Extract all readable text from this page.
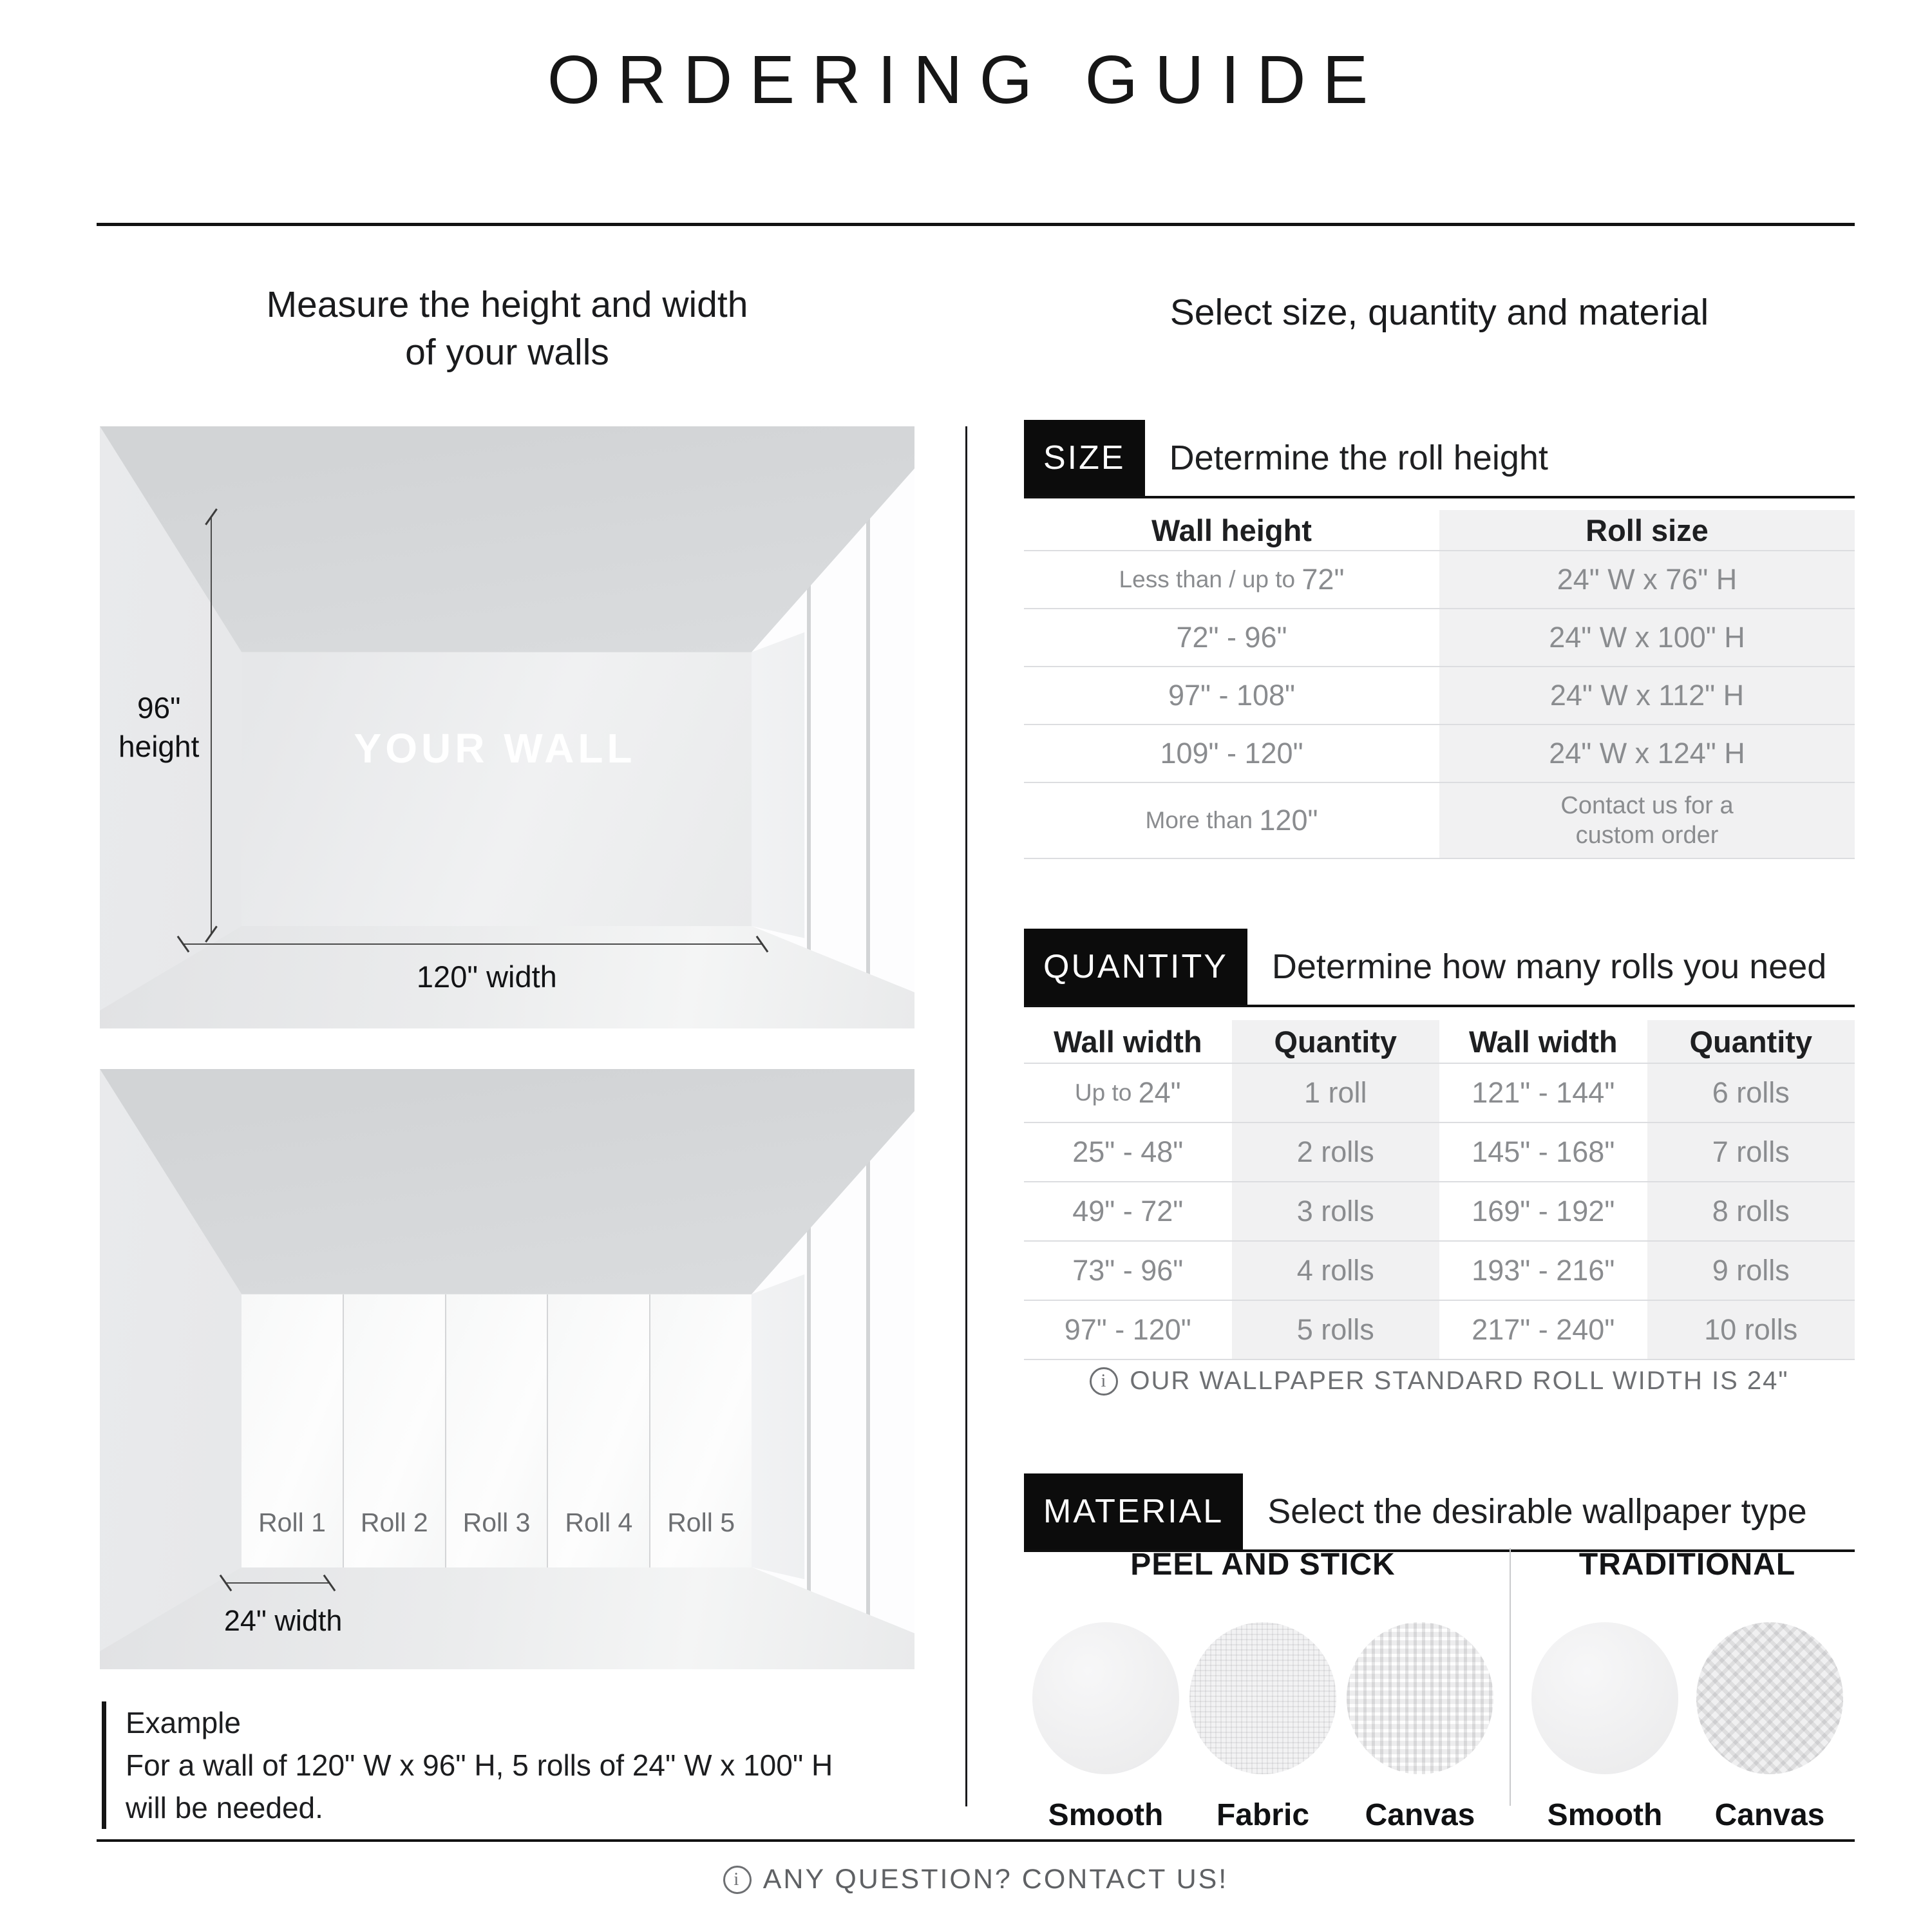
ORDERING GUIDE
Measure the height and width
of your walls
96"
height	YOUR WALL
120" width
Roll 1 Roll 2 Roll 3 Roll 4 Roll 5
24" width
Example
For a wall of 120" W x 96" H, 5 rolls of 24" W x 100" H
will be needed.
Select size, quantity and material
SIZE	Determine the roll height
Wall height	Roll size
Less than / up to 72"	24" W x 76" H
72" - 96"	24" W x 100" H
97" - 108"	24" W x 112" H
109" - 120"	24" W x 124" H
More than 120"	Contact us for a
custom order
QUANTITY	Determine how many rolls you need
Wall width	Quantity	Wall width	Quantity
Up to 24"	1 roll	121" - 144"	6 rolls
25" - 48"	2 rolls	145" - 168"	7 rolls
49" - 72"	3 rolls	169" - 192"	8 rolls
73" - 96"	4 rolls	193" - 216"	9 rolls
97" - 120"	5 rolls	217" - 240"	10 rolls
i OUR WALLPAPER STANDARD ROLL WIDTH IS 24"
MATERIAL	Select the desirable wallpaper type
PEEL AND STICK
Smooth Fabric Canvas
TRADITIONAL
Smooth Canvas
i ANY QUESTION? CONTACT US!
